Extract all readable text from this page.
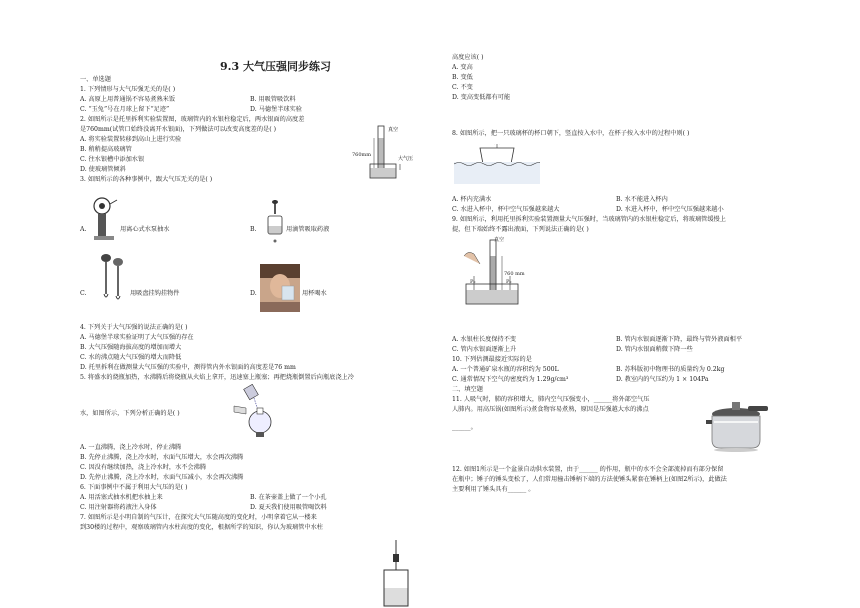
9.3 大气压强同步练习
一、单选题
1. 下列情形与大气压强无关的是( )
A. 高原上用普通锅不容易煮熟米饭	B. 用吸管吸饮料
C. “玉兔”号在月球上留下“足迹”	D. 马德堡半球实验
2. 如图所示是托里拆利实验装置图，玻璃管内的水银柱稳定后，两水银面的高度差
是760mm(试管口始终没离开水银面)，下列做法可以改变高度差的是( )
A. 将实验装置转移到高山上进行实验
B. 稍稍提高玻璃管
C. 往水银槽中添加水银
D. 使玻璃管倾斜
3. 如图所示的各种事例中，跟大气压无关的是( )
A.	用离心式水泵抽水	B.	用滴管吸取药液
C.	用吸盘挂钩挂物件	D.	用杯喝水
4. 下列关于大气压强的说法正确的是( )
A. 马德堡半球实验证明了大气压强的存在
B. 大气压强随海拔高度的增加而增大
C. 水的沸点随大气压强的增大而降低
D. 托里拆利在做测量大气压强的实验中，测得管内外水银面的高度差是76 mm
5. 将盛水的烧瓶加热，水沸腾后将烧瓶从火焰上拿开，迅速塞上瓶塞；再把烧瓶倒置后向瓶底浇上冷
水，如图所示，下列分析正确的是( )
A. 一直沸腾，浇上冷水时，停止沸腾
B. 先停止沸腾，浇上冷水时，水面气压增大，水会再次沸腾
C. 因没有继续加热，浇上冷水时，水不会沸腾
D. 先停止沸腾，浇上冷水时，水面气压减小，水会再次沸腾
6. 下面事例中不属于利用大气压的是( )
A. 用活塞式抽水机把水抽上来	B. 在茶壶盖上做了一个小孔
C. 用注射器将药液注入身体	D. 夏天我们使用吸管喝饮料
7. 如图所示是小明自制的气压计，在探究大气压随高度的变化时，小明拿着它从一楼来
到30楼的过程中，观察玻璃管内水柱高度的变化，根据所学的知识，你认为玻璃管中水柱
真空
大气压
760mm
高度应该( )
A. 变高
B. 变低
C. 不变
D. 变高变低都有可能
8. 如图所示，把一只玻璃杯的杯口朝下，竖直按入水中，在杯子按入水中的过程中则( )
A. 杯内充满水	B. 水不能进入杯内
C. 水进入杯中，杯中空气压强越来越大	D. 水进入杯中，杯中空气压强越来越小
9. 如图所示，利用托里拆利实验装置测量大气压强时，当玻璃管内的水银柱稳定后，将玻璃管缓慢上
提，但下端始终不露出液面，下列说法正确的是( )
真空
760 mm
P₀	P₀
A. 水银柱长度保持不变	B. 管内水银面逐渐下降，最终与管外液面相平
C. 管内水银面逐渐上升	D. 管内水银面稍微下降一些
10. 下列估测最接近实际的是
A. 一个普通矿泉水瓶的容积约为 500L	B. 苏科版初中物理书的质量约为 0.2kg
C. 通常情况下空气的密度约为 1.29g/cm³	D. 教室内的气压约为 1 × 104Pa
二、填空题
11. 人吸气时，肺的容积增大，肺内空气压强变小，______将外部空气压
人肺内。用高压锅(如图所示)煮食物容易煮熟，原因是压强越大水的沸点
______。
12. 如图1所示是一个盆景自动供水装置，由于______ 的作用，瓶中的水不会全部流掉而有部分保留
在瓶中；锤子的锤头变松了，人们常用撞击锤柄下端的方法使锤头紧套在锤柄上(如图2所示)，此做法
主要利用了锤头具有______ 。
